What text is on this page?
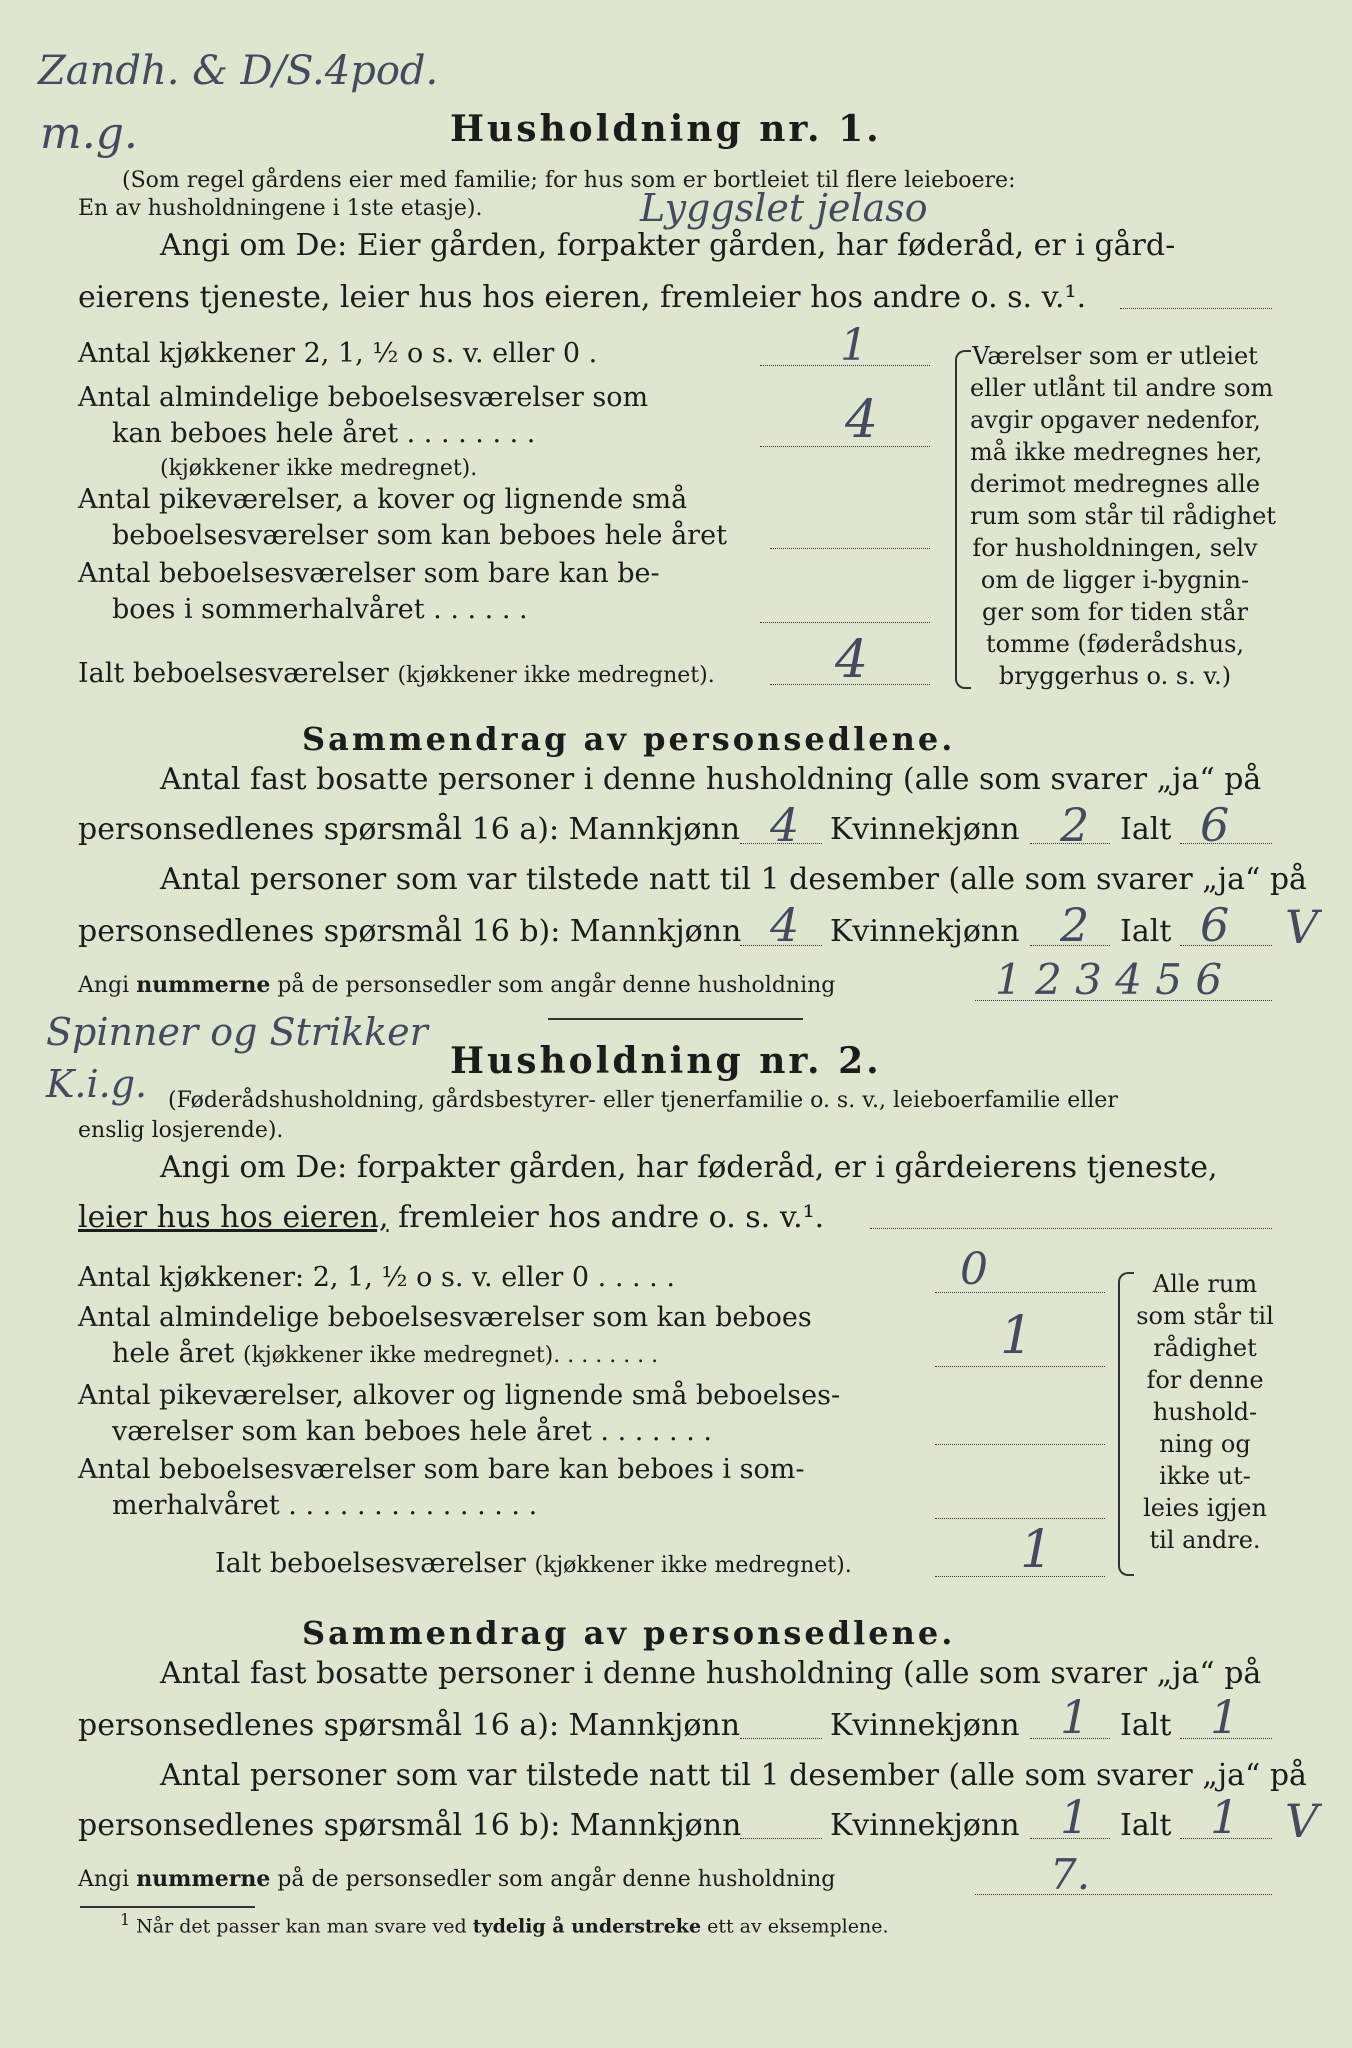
Zandh. & D/S.4pod.
m.g.	Husholdning nr. 1.
(Som regel gårdens eier med familie; for hus som er bortleiet til flere leieboere:
En av husholdningene i 1ste etasje).	Lyggslet jelaso
Angi om De: Eier gården, forpakter gården, har føderåd, er i gård-
eierens tjeneste, leier hus hos eieren, fremleier hos andre o. s. v.¹.
Antal kjøkkener 2, 1, ½ o s. v. eller 0 .	1
Antal almindelige beboelsesværelser som
kan beboes hele året . . . . . . . .
(kjøkkener ikke medregnet).
4
Antal pikeværelser, a kover og lignende små
beboelsesværelser som kan beboes hele året
Antal beboelsesværelser som bare kan be-
boes i sommerhalvåret . . . . . .
Ialt beboelsesværelser (kjøkkener ikke medregnet). 4
Værelser som er utleiet
eller utlånt til andre som
avgir opgaver nedenfor,
må ikke medregnes her,
derimot medregnes alle
rum som står til rådighet
for husholdningen, selv
om de ligger i-bygnin-
ger som for tiden står
tomme (føderådshus,
bryggerhus o. s. v.)
Sammendrag av personsedlene.
Antal fast bosatte personer i denne husholdning (alle som svarer „ja“ på
personsedlenes spørsmål 16 a): Mannkjønn 4 Kvinnekjønn 2 Ialt 6
Antal personer som var tilstede natt til 1 desember (alle som svarer „ja“ på
personsedlenes spørsmål 16 b): Mannkjønn 4 Kvinnekjønn 2 Ialt 6 V
Angi nummerne på de personsedler som angår denne husholdning	1 2 3 4 5 6
Spinner og Strikker
K.i.g.
Husholdning nr. 2.
(Føderådshusholdning, gårdsbestyrer- eller tjenerfamilie o. s. v., leieboerfamilie eller
enslig losjerende).
Angi om De: forpakter gården, har føderåd, er i gårdeierens tjeneste,
leier hus hos eieren, fremleier hos andre o. s. v.¹.
Antal kjøkkener: 2, 1, ½ o s. v. eller 0 . . . . .	0
Antal almindelige beboelsesværelser som kan beboes
hele året (kjøkkener ikke medregnet). . . . . . . .	1
Antal pikeværelser, alkover og lignende små beboelses-
værelser som kan beboes hele året . . . . . . .
Antal beboelsesværelser som bare kan beboes i som-
merhalvåret . . . . . . . . . . . . . . .
Ialt beboelsesværelser (kjøkkener ikke medregnet).	1
Alle rum
som står til
rådighet
for denne
hushold-
ning og
ikke ut-
leies igjen
til andre.
Sammendrag av personsedlene.
Antal fast bosatte personer i denne husholdning (alle som svarer „ja“ på
personsedlenes spørsmål 16 a): Mannkjønn	Kvinnekjønn 1 Ialt 1
Antal personer som var tilstede natt til 1 desember (alle som svarer „ja“ på
personsedlenes spørsmål 16 b): Mannkjønn	Kvinnekjønn 1 Ialt 1 V
Angi nummerne på de personsedler som angår denne husholdning	7.
$^1$ Når det passer kan man svare ved tydelig å understreke ett av eksemplene.
